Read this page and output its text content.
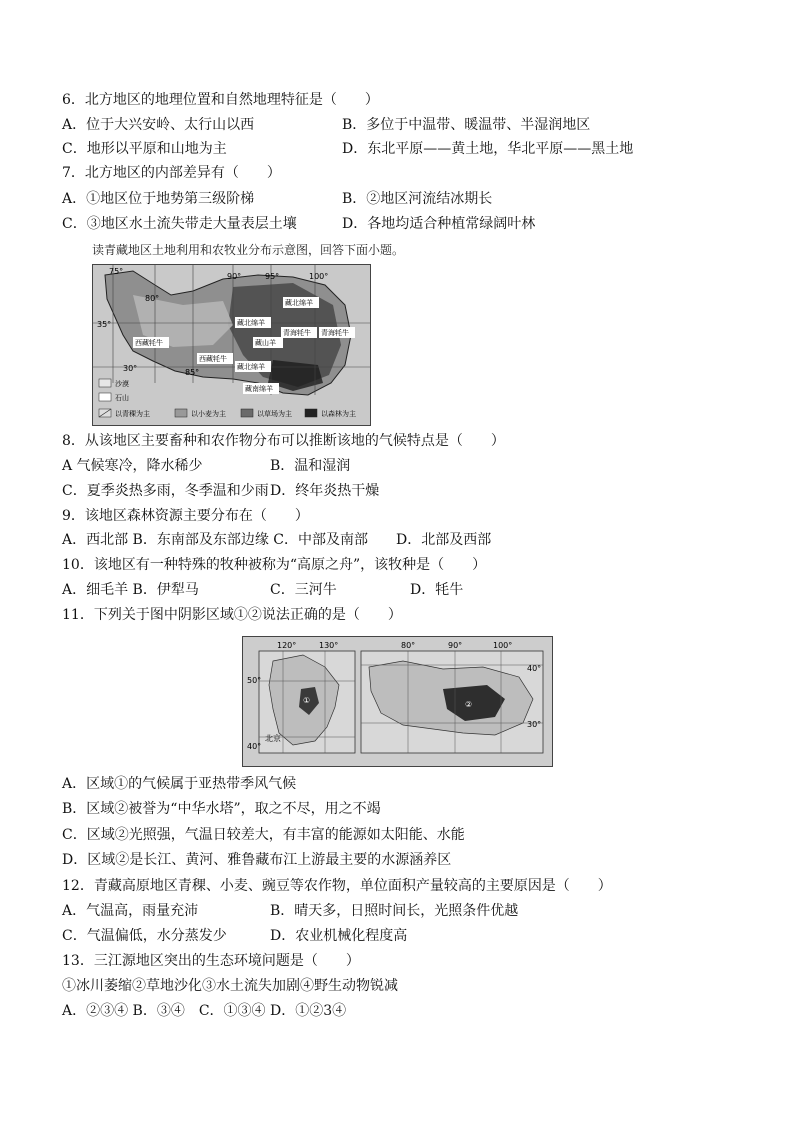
6．北方地区的地理位置和自然地理特征是（　　）
A．位于大兴安岭、太行山以西	B．多位于中温带、暖温带、半湿润地区
C．地形以平原和山地为主	D．东北平原——黄土地，华北平原——黑土地
7．北方地区的内部差异有（　　）
A．①地区位于地势第三级阶梯	B．②地区河流结冰期长
C．③地区水土流失带走大量表层土壤	D．各地均适合种植常绿阔叶林
读青藏地区土地利用和农牧业分布示意图，回答下面小题。
75°
80°
85°
90°	95°	100°
35°
30°
藏北绵羊
藏北绵羊
青海牦牛 青海牦牛
西藏牦牛	藏山羊
西藏牦牛
藏北绵羊
藏南绵羊
沙漠
石山
以青稞为主	以小麦为主	以草场为主	以森林为主
8．从该地区主要畜种和农作物分布可以推断该地的气候特点是（　　）
A 气候寒冷，降水稀少	B．温和湿润
C．夏季炎热多雨，冬季温和少雨 D．终年炎热干燥
9．该地区森林资源主要分布在（　　）
A．西北部 B．东南部及东部边缘 C．中部及南部　　D．北部及西部
10．该地区有一种特殊的牧种被称为“高原之舟”，该牧种是（　　）
A．细毛羊 B．伊犁马	C．三河牛	D．牦牛
11．下列关于图中阴影区域①②说法正确的是（　　）
120°	130°
50°
40°
80°	90°	100°
40°
30°
①	②
北京
A．区域①的气候属于亚热带季风气候
B．区域②被誉为“中华水塔”，取之不尽，用之不竭
C．区域②光照强，气温日较差大，有丰富的能源如太阳能、水能
D．区域②是长江、黄河、雅鲁藏布江上游最主要的水源涵养区
12．青藏高原地区青稞、小麦、豌豆等农作物，单位面积产量较高的主要原因是（　　）
A．气温高，雨量充沛	B．晴天多，日照时间长，光照条件优越
C．气温偏低，水分蒸发少	D．农业机械化程度高
13．三江源地区突出的生态环境问题是（　　）
①冰川萎缩②草地沙化③水土流失加剧④野生动物锐减
A．②③④ B．③④　C．①③④ D．①②3④
